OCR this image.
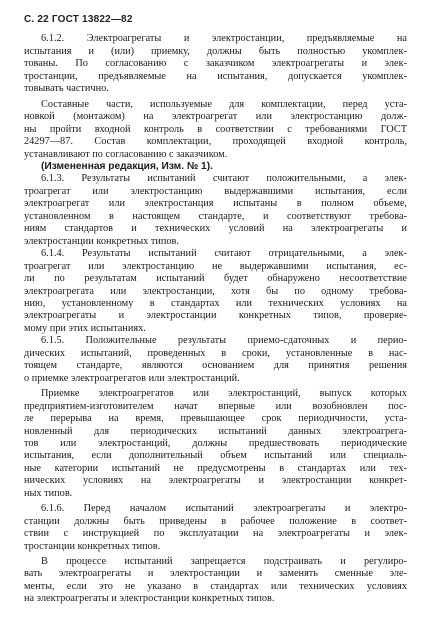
С. 22 ГОСТ 13822—82

6.1.2. Электроагрегаты и электростанции, предъявляемые на
испытания и (или) приемку, должны быть полностью укомплек-
тованы. По согласованию с заказчиком электроагрегаты и элек-
тростанции, предъявляемые на испытания, допускается укомплек-
товывать частично.

Составные части, используемые для комплектации, перед уста-
новкой (монтажом) на электроагрегат или электростанцию долж-
ны пройти входной контроль в соответствии с требованиями ГОСТ
24297—87. Состав комплектации, проходящей входной контроль,
устанавливают по согласованию с заказчиком.

(Измененная редакция, Изм. № 1).

6.1.3. Результаты испытаний считают положительными, а элек-
троагрегат или электростанцию выдержавшими испытания, если
электроагрегат или электростанция испытаны в полном объеме,
установленном в настоящем стандарте, и соответствуют требова-
ниям стандартов и технических условий на электроагрегаты и
электростанции конкретных типов.

6.1.4. Результаты испытаний считают отрицательными, а элек-
троагрегат или электростанцию не выдержавшими испытания, ес-
ли по результатам испытаний будет обнаружено несоответствие
электроагрегата или электростанции, хотя бы по одному требова-
нию, установленному в стандартах или технических условиях на
электроагрегаты и электростанции конкретных типов, проверяе-
мому при этих испытаниях.

6.1.5. Положительные результаты приемо-сдаточных и перио-
дических испытаний, проведенных в сроки, установленные в нас-
тоящем стандарте, являются основанием для принятия решения
о приемке электроагрегатов или электростанций.

Приемке электроагрегатов или электростанций, выпуск которых
предприятием-изготовителем начат впервые или возобновлен пос-
ле перерыва на время, превышающее срок периодичности, уста-
новленный для периодических испытаний данных электроагрега-
тов или электростанций, должны предшествовать периодические
испытания, если дополнительный объем испытаний или специаль-
ные категории испытаний не предусмотрены в стандартах или тех-
нических условиях на электроагрегаты и электростанции конкрет-
ных типов.

6.1.6. Перед началом испытаний электроагрегаты и электро-
станции должны быть приведены в рабочее положение в соответ-
ствии с инструкцией по эксплуатации на электроагрегаты и элек-
тростанции конкретных типов.

В процессе испытаний запрещается подстраивать и регулиро-
вать электроагрегаты и электростанции и заменять сменные эле-
менты, если это не указано в стандартах или технических условиях
на электроагрегаты и электростанции конкретных типов.
